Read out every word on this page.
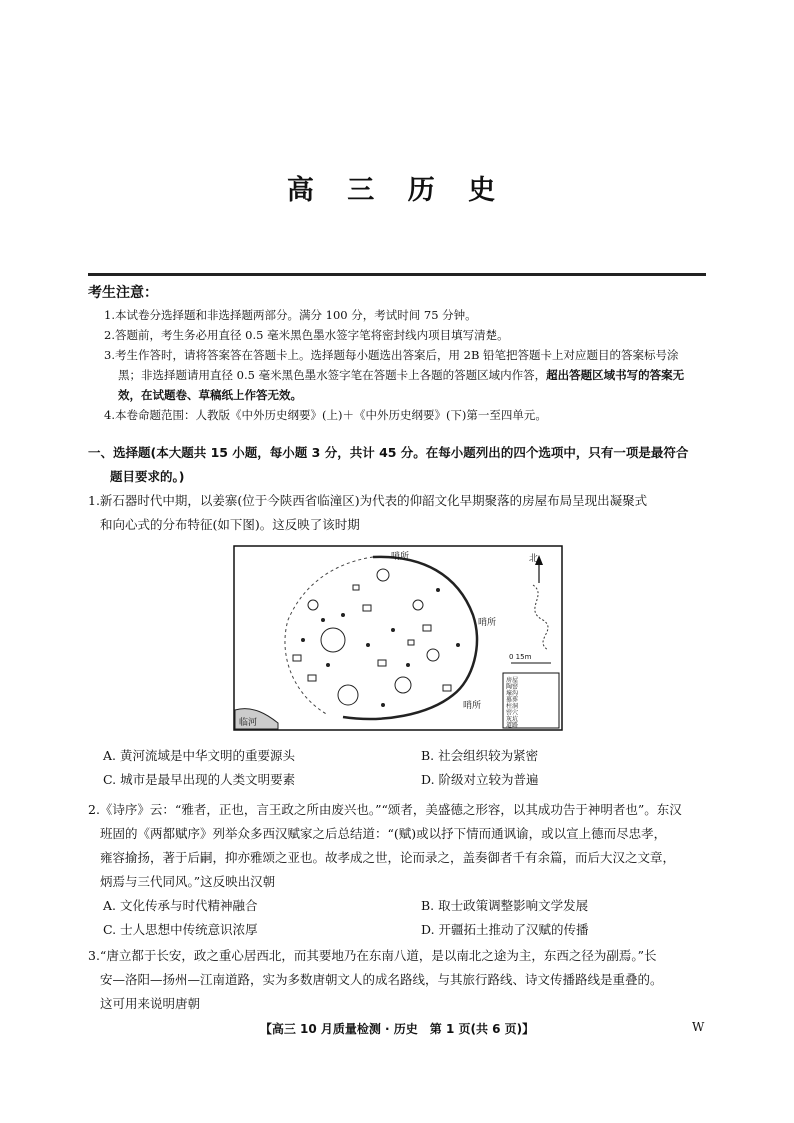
高 三 历 史
考生注意：
1.本试卷分选择题和非选择题两部分。满分 100 分，考试时间 75 分钟。
2.答题前，考生务必用直径 0.5 毫米黑色墨水签字笔将密封线内项目填写清楚。
3.考生作答时，请将答案答在答题卡上。选择题每小题选出答案后，用 2B 铅笔把答题卡上对应题目的答案标号涂黑；非选择题请用直径 0.5 毫米黑色墨水签字笔在答题卡上各题的答题区域内作答，超出答题区域书写的答案无效，在试题卷、草稿纸上作答无效。
4.本卷命题范围：人教版《中外历史纲要》(上)＋《中外历史纲要》(下)第一至四单元。
一、选择题(本大题共 15 小题，每小题 3 分，共计 45 分。在每小题列出的四个选项中，只有一项是最符合
题目要求的。)
1.新石器时代中期，以姜寨(位于今陕西省临潼区)为代表的仰韶文化早期聚落的房屋布局呈现出凝聚式
和向心式的分布特征(如下图)。这反映了该时期
临河
哨所
哨所
哨所
北
0 15m
房屋
陶窑
壕沟
墓葬
柱洞
窖穴
灰坑
道路
A. 黄河流域是中华文明的重要源头	B. 社会组织较为紧密
C. 城市是最早出现的人类文明要素	D. 阶级对立较为普遍
2.《诗序》云：“雅者，正也，言王政之所由废兴也。”“颂者，美盛德之形容，以其成功告于神明者也”。东汉
班固的《两都赋序》列举众多西汉赋家之后总结道：“(赋)或以抒下情而通讽谕，或以宣上德而尽忠孝，
雍容揄扬，著于后嗣，抑亦雅颂之亚也。故孝成之世，论而录之，盖奏御者千有余篇，而后大汉之文章，
炳焉与三代同风。”这反映出汉朝
A. 文化传承与时代精神融合	B. 取士政策调整影响文学发展
C. 士人思想中传统意识浓厚	D. 开疆拓土推动了汉赋的传播
3.“唐立都于长安，政之重心居西北，而其要地乃在东南八道，是以南北之途为主，东西之径为副焉。”长
安—洛阳—扬州—江南道路，实为多数唐朝文人的成名路线，与其旅行路线、诗文传播路线是重叠的。
这可用来说明唐朝
【高三 10 月质量检测 · 历史　第 1 页(共 6 页)】	W
